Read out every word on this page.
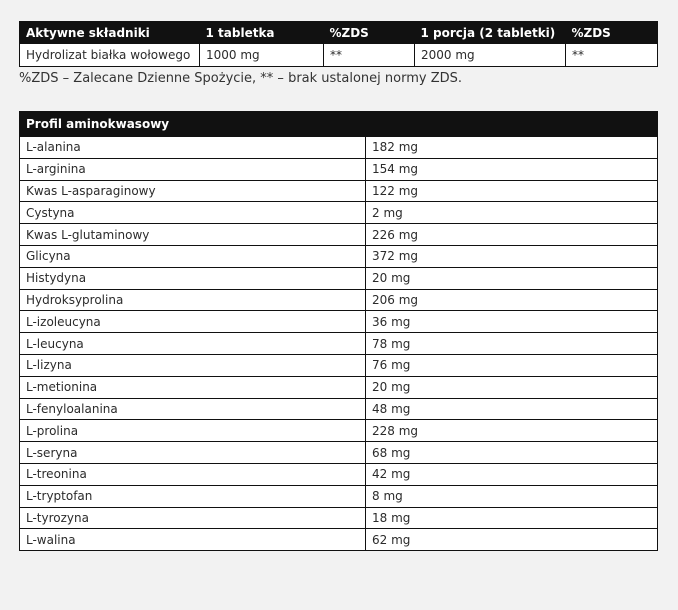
Aktywne składniki	1 tabletka	%ZDS	1 porcja (2 tabletki)	%ZDS
Hydrolizat białka wołowego	1000 mg	**	2000 mg	**

%ZDS – Zalecane Dzienne Spożycie, ** – brak ustalonej normy ZDS.

Profil aminokwasowy	
L-alanina	182 mg
L-arginina	154 mg
Kwas L-asparaginowy	122 mg
Cystyna	2 mg
Kwas L-glutaminowy	226 mg
Glicyna	372 mg
Histydyna	20 mg
Hydroksyprolina	206 mg
L-izoleucyna	36 mg
L-leucyna	78 mg
L-lizyna	76 mg
L-metionina	20 mg
L-fenyloalanina	48 mg
L-prolina	228 mg
L-seryna	68 mg
L-treonina	42 mg
L-tryptofan	8 mg
L-tyrozyna	18 mg
L-walina	62 mg
